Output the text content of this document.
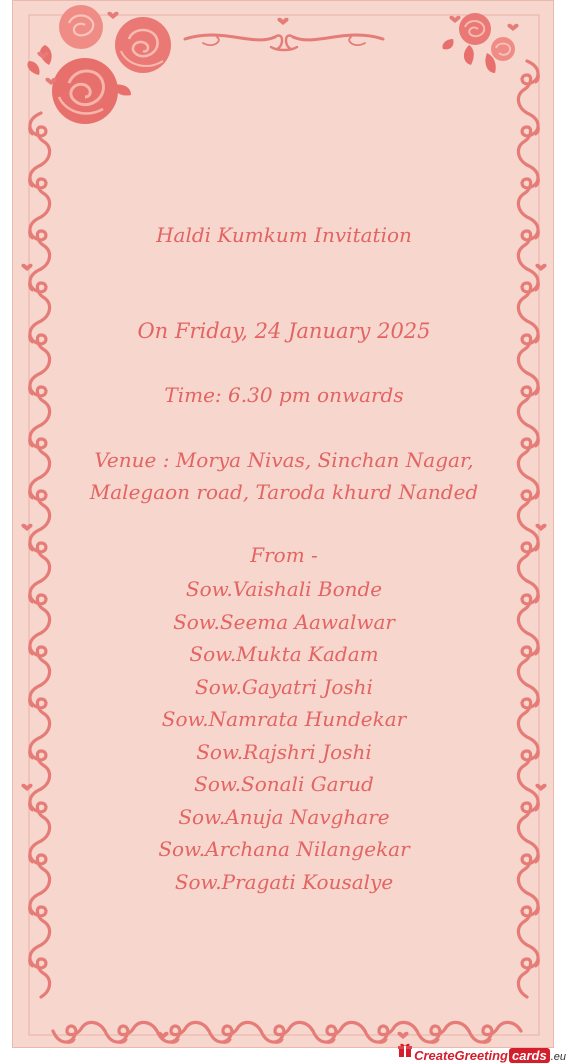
Haldi Kumkum Invitation
On Friday, 24 January 2025
Time: 6.30 pm onwards
Venue : Morya Nivas, Sinchan Nagar,
Malegaon road, Taroda khurd Nanded
From -
Sow.Vaishali Bonde
Sow.Seema Aawalwar
Sow.Mukta Kadam
Sow.Gayatri Joshi
Sow.Namrata Hundekar
Sow.Rajshri Joshi
Sow.Sonali Garud
Sow.Anuja Navghare
Sow.Archana Nilangekar
Sow.Pragati Kousalye
CreateGreeting cards .eu
